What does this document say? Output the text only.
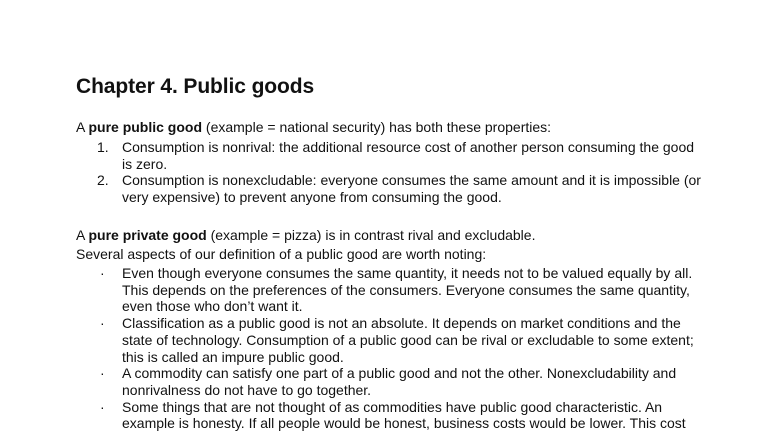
Chapter 4. Public goods

A pure public good (example = national security) has both these properties:

1. Consumption is nonrival: the additional resource cost of another person consuming the good is zero.
2. Consumption is nonexcludable: everyone consumes the same amount and it is impossible (or very expensive) to prevent anyone from consuming the good.

A pure private good (example = pizza) is in contrast rival and excludable.

Several aspects of our definition of a public good are worth noting:

· Even though everyone consumes the same quantity, it needs not to be valued equally by all. This depends on the preferences of the consumers. Everyone consumes the same quantity, even those who don’t want it.
· Classification as a public good is not an absolute. It depends on market conditions and the state of technology. Consumption of a public good can be rival or excludable to some extent; this is called an impure public good.
· A commodity can satisfy one part of a public good and not the other. Nonexcludability and nonrivalness do not have to go together.
· Some things that are not thought of as commodities have public good characteristic. An example is honesty. If all people would be honest, business costs would be lower. This cost
